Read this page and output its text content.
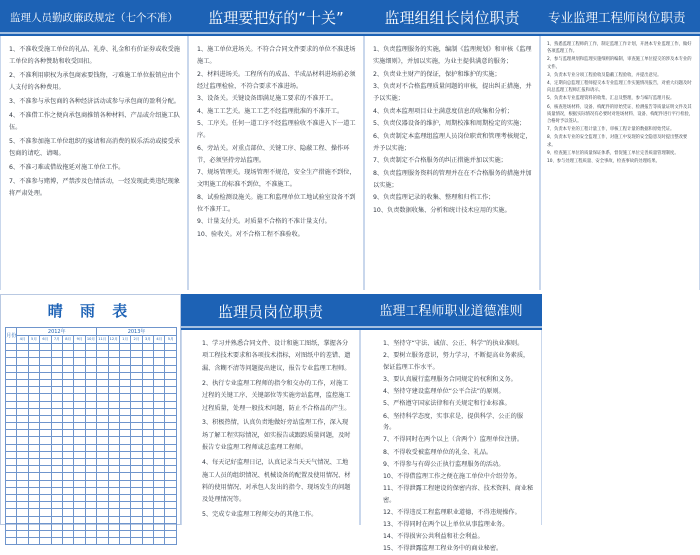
监理人员勤政廉政规定（七个不准）
1、不准收受施工单位的礼品、礼券、礼金和有价证券或收受施工单位的各种赞助和收受回扣。
2、不准利用职权为承包商索要钱物，刁难施工单位报销应由个人支付的各种费用。
3、不准参与承包商的各种经济活动或参与承包商的盈利分配。
4、不准借工作之便向承包商推销各种材料、产品或介绍施工队伍。
5、不准参加施工单位组织的宴请和高消费的娱乐活动或接受承包商的请吃、请喝。
6、不准刁难或借故拖延对施工单位工作。
7、不准参与赌博，严禁涉及色情活动，一经发现此类违纪现象将严肃处理。
监理要把好的“十关”
1、施工单位进场关。不符合合同文件要求的单位不准进场施工。
2、材料进场关。工程所有的成品、半成品材料进场前必须经过监理检验，不符合要求不准进场。
3、设备关。关键设备即满足施工要求的不准开工。
4、施工工艺关。施工工艺不经监理批准的不准开工。
5、工序关。任何一道工序不经监理验收不准进入下一道工序。
6、旁站关。对重点部位、关键工序、隐蔽工程、操作环节，必须坚持旁站监理。
7、规场管理关。现场管理不规范，安全生产措施不到位，文明施工的标准不到位，不准施工。
8、试验检测设施关。施工和监理单位工地试验室设备不到位不准开工。
9、计量支付关。对质量不合格的不准计量支付。
10、验收关。对不合格工程不准验收。
监理组组长岗位职责
1、负责监理服务的实施，编制《监理规划》和审核《监理实施细则》，并加以实施，为业主提供满意的服务；
2、负责业主财产的保证，保护和维护的实施；
3、负责对不合格监理质量问题的审核，提出纠正措施，并予以实施；
4、负责本监理项目业主满意度信息的收集和分析；
5、负责仪器设备的维护，周期校准和周期检定的实施；
6、负责制定本监理组监理人员岗位职责和管理考核规定，并予以实施；
7、负责制定不合格服务的纠正措施并加以实施；
8、负责监理服务资料的管理并在在不合格服务的措施并加以实施；
9、负责监理记录的收集、整理和归档工作；
10、负责数据收集、分析和统计技术应用的实施。
专业监理工程师岗位职责
1、熟悉监理工程师的工作，制定监理工作计划，开展本专业监理工作，做好各项监理工作。
2、参与监理规划和监理实施细则的编制，审查施工单位提交的涉及本专业的文件。
3、负责本专业分项工程验收及隐蔽工程验收，并提出意见。
4、定期向总监理工程师提交本专业监理工作实施情况报告，对重大问题及时向总监理工程师汇报和请示。
5、负责本专业监理资料的收集、汇总及整理，参与编写监理月报。
6、核查进场材料、设备、构配件的原始凭证、检测报告等质量证明文件及其质量情况，根据实际情况有必要时对进场材料、设备、构配件进行平行检验，合格时予以签认。
7、负责本专业的工程计量工作，审核工程计量的数据和原始凭证。
8、负责本专业的安全监理工作，对施工中发现的安全隐患及时提出整改要求。
9、检查施工单位的质量保证体系，督促施工单位完善质量管理制度。
10、参与处理工程质量、安全事故，检查事故的处理结果。
晴 雨 表
月份	2012年							2013年						
	4月	5月	6月	7月	8月	9月	10月	11月	12月	1月	2月	3月	4月	5月

监理员岗位职责
1、学习并熟悉合同文件、设计和施工图纸，掌握各分项工程技术要求和各项技术指标，对图纸中的差错、遗漏、含糊不清等问题提出建议，报告专业监理工程师。
2、执行专业监理工程师的指令和交办的工作，对施工过程的关键工序、关键部位等实施旁站监理，监控施工过程质量，处理一般技术问题，防止不合格品的产生。
3、积极热情，认真负责地做好旁站监理工作，深入现场了解工程实际情况，如实报告或跟踪质量问题，及时报告专业监理工程师或总监理工程师。
4、每天记好监理日记，认真记录当天天气情况、工地施工人员的组织情况、机械设备的配置及使用情况、材料的使用情况、对承包人发出的指令、现场发生的问题及处理情况等。
5、完成专业监理工程师交办的其他工作。
监理工程师职业道德准则
1、坚持守“守法、诚信、公正、科学”的执业准则。
2、要树立服务意识，努力学习，不断提高业务素质，保证监理工作水平。
3、要认真履行监理服务合同规定的权利和义务。
4、坚持守建设监理单位“公平合法”的原则。
5、严格遵守国家法律和有关规定和行业标准。
6、坚持科学态度，实事求是，提供科学、公正的服务。
7、不得同时在两个以上（含两个）监理单位注册。
8、不得收受被监理单位的礼金、礼品。
9、不得参与有碍公正执行监理服务的活动。
10、不得借监理工作之便在施工单位中介绍劳务。
11、不得泄露工程建设的保密内容、技术资料、商业秘密。
12、不得违反工程监理职业道德，不得违规操作。
13、不得同时在两个以上单位从事监理业务。
14、不得损害公共利益和社会利益。
15、不得泄露监理工程业务中的商业秘密。
